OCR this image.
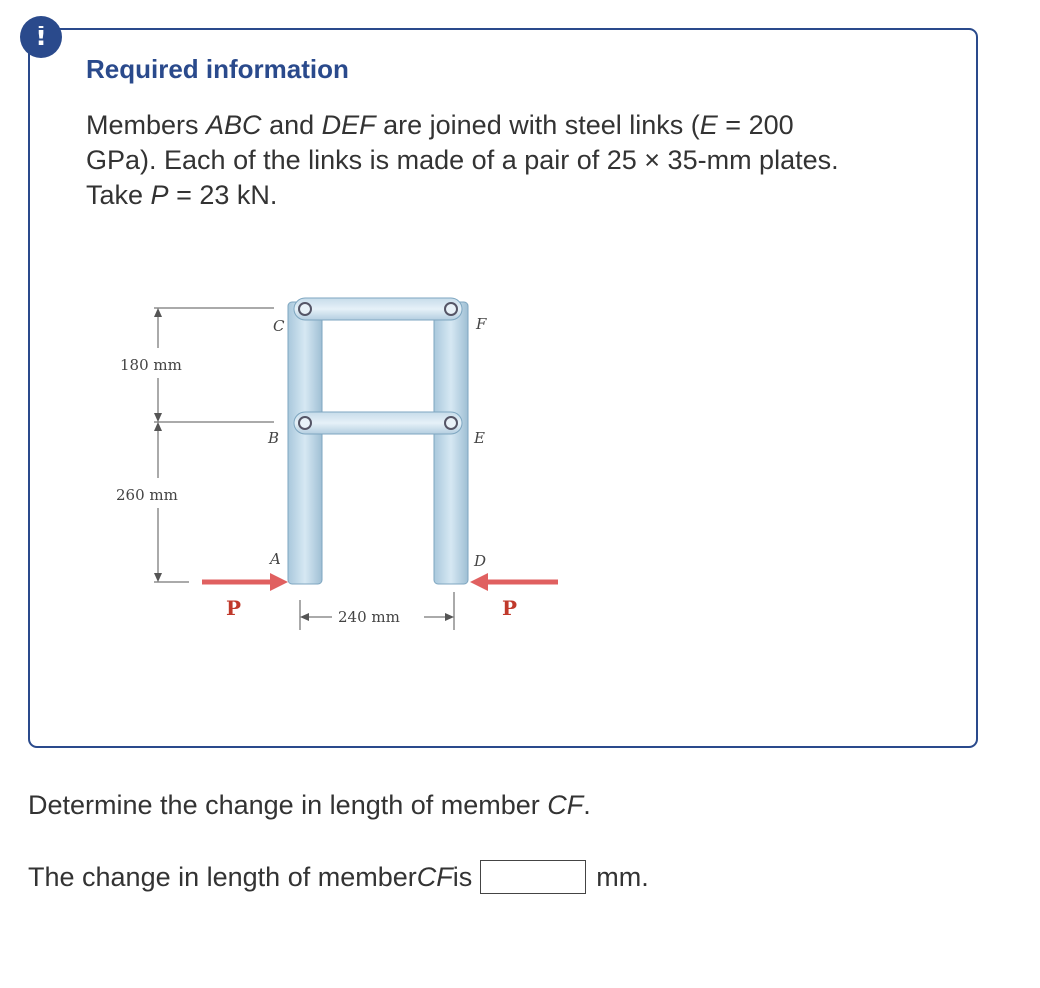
!
Required information
Members ABC and DEF are joined with steel links (E = 200 GPa). Each of the links is made of a pair of 25 × 35-mm plates. Take P = 23 kN.
180 mm
260 mm
240 mm
C
B
A
F
E
D
P	P
Determine the change in length of member CF.
The change in length of member CF is	mm.
